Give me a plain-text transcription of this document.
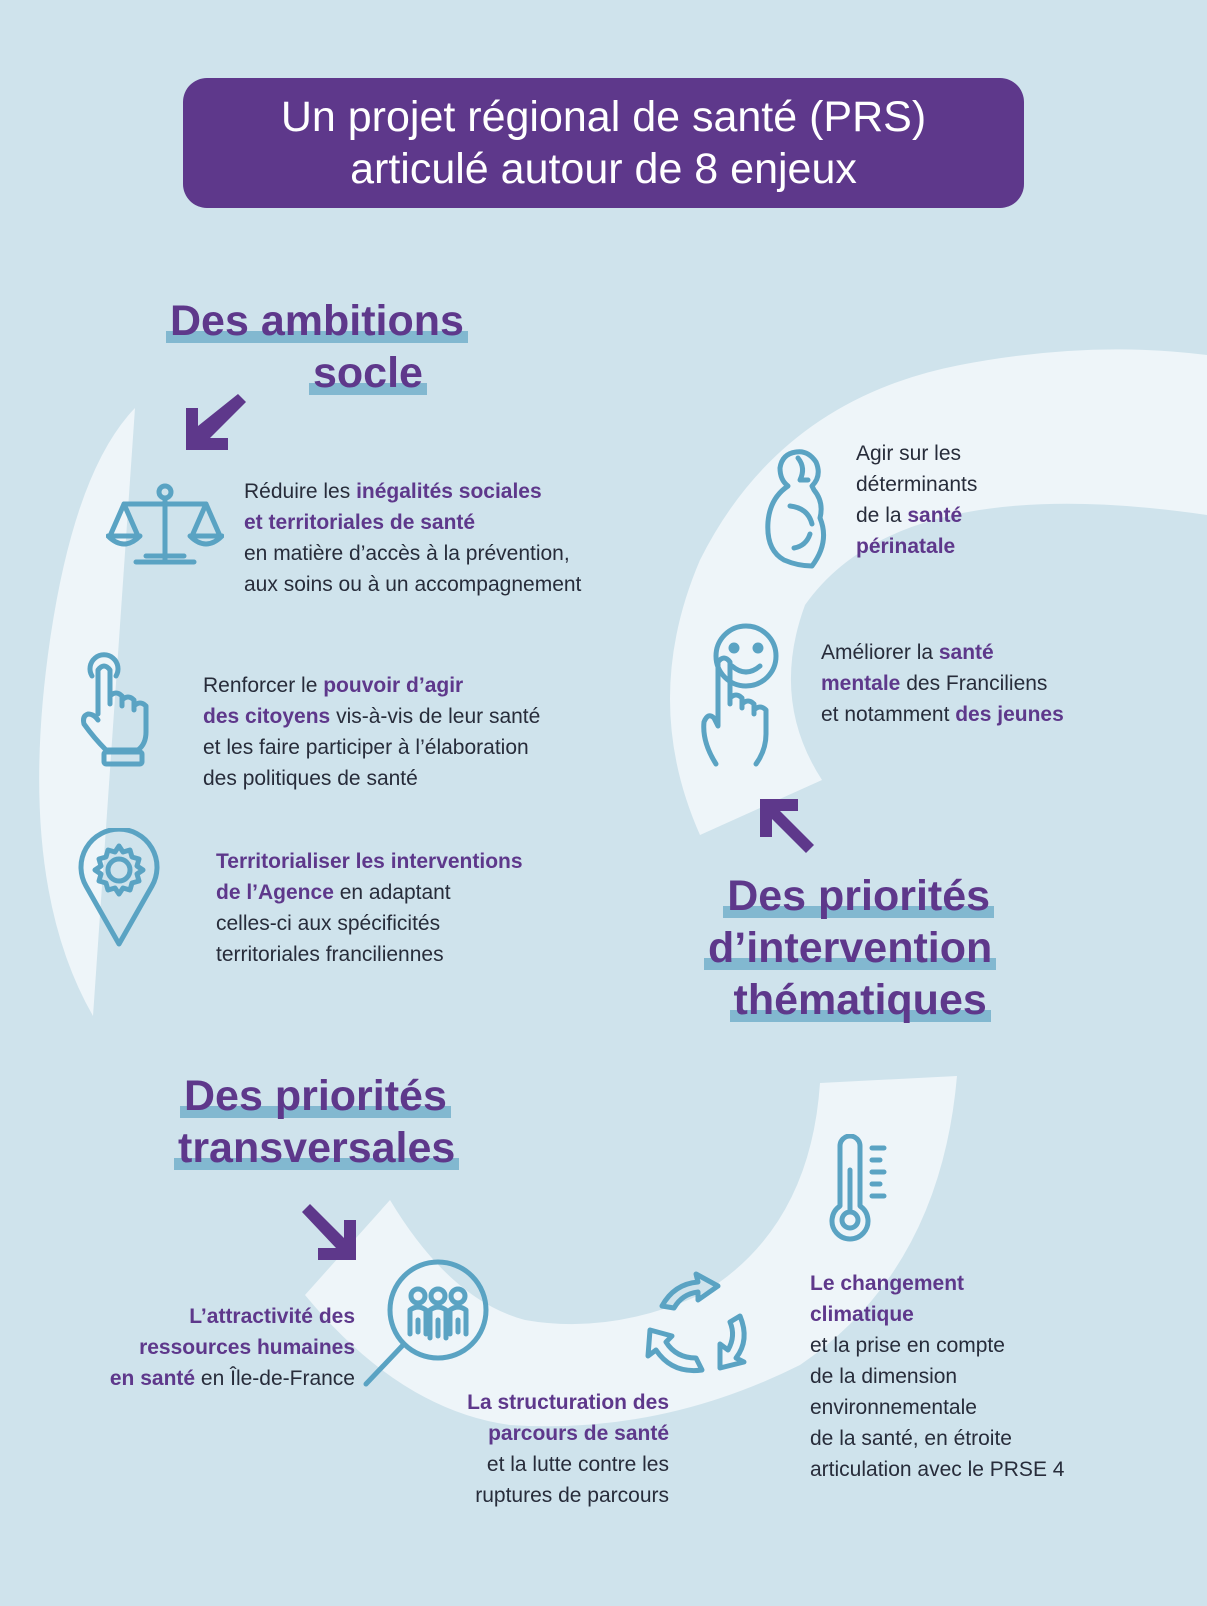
Un projet régional de santé (PRS)
articulé autour de 8 enjeux
Des ambitions
socle
Des priorités
d’intervention
thématiques
Des priorités
transversales
Réduire les inégalités sociales
et territoriales de santé
en matière d’accès à la prévention,
aux soins ou à un accompagnement
Renforcer le pouvoir d’agir
des citoyens vis-à-vis de leur santé
et les faire participer à l’élaboration
des politiques de santé
Territorialiser les interventions
de l’Agence en adaptant
celles-ci aux spécificités
territoriales franciliennes
Agir sur les
déterminants
de la santé
périnatale
Améliorer la santé
mentale des Franciliens
et notamment des jeunes
L’attractivité des
ressources humaines
en santé en Île-de-France
La structuration des
parcours de santé
et la lutte contre les
ruptures de parcours
Le changement
climatique
et la prise en compte
de la dimension
environnementale
de la santé, en étroite
articulation avec le PRSE 4
